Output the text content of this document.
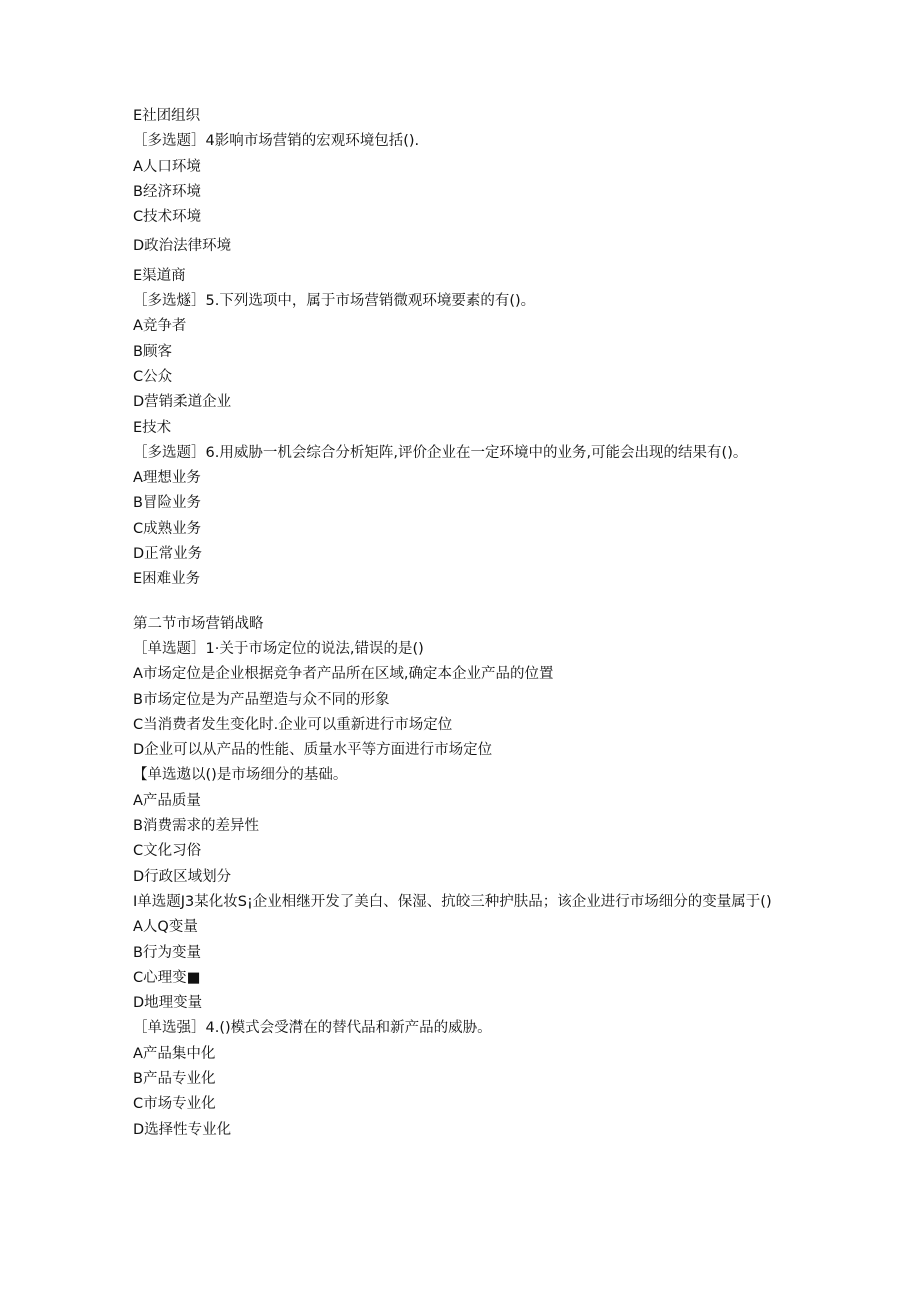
E社团组织
［多选题］4影响市场营销的宏观环境包括().
A人口环境
B经济环境
C技术环境
D政治法律环境
E渠道商
［多选燧］5.下列选项中，属于市场营销微观环境要素的有()。
A竞争者
B顾客
C公众
D营销柔道企业
E技术
［多选题］6.用威胁一机会综合分析矩阵,评价企业在一定环境中的业务,可能会出现的结果有()。
A理想业务
B冒险业务
C成熟业务
D正常业务
E困难业务
第二节市场营销战略
［单选题］1·关于市场定位的说法,错误的是()
A市场定位是企业根据竞争者产品所在区域,确定本企业产品的位置
B市场定位是为产品塑造与众不同的形象
C当消费者发生变化时.企业可以重新进行市场定位
D企业可以从产品的性能、质量水平等方面进行市场定位
【单选遨以()是市场细分的基础。
A产品质量
B消费需求的差异性
C文化习俗
D行政区域划分
I单选题J3某化妆S¡企业相继开发了美白、保湿、抗皎三种护肤品；该企业进行市场细分的变量属于()
A人Q变量
B行为变量
C心理变■
D地理变量
［单选强］4.()模式会受潸在的替代品和新产品的威胁。
A产品集中化
B产品专业化
C市场专业化
D选择性专业化
